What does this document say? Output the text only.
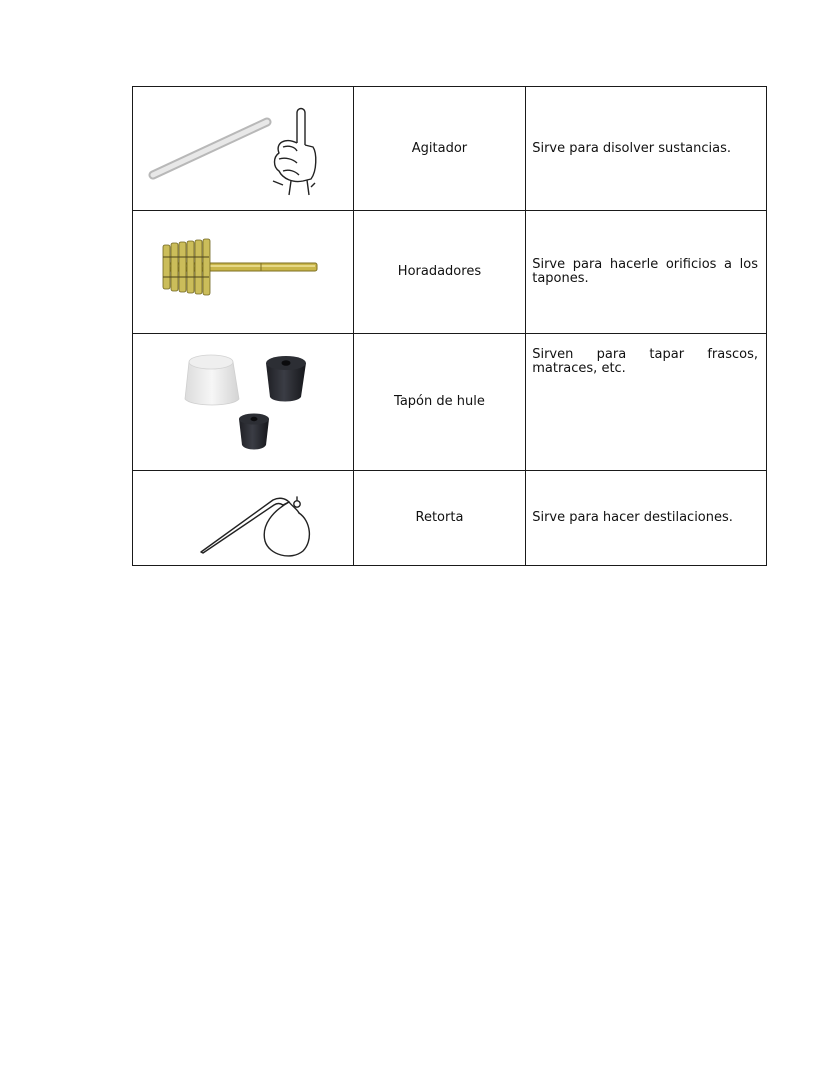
	Agitador	Sirve para disolver sustancias.

	Horadadores	Sirve para hacerle orificios a los tapones.

	Tapón de hule	Sirven para tapar frascos, matraces, etc.

	Retorta	Sirve para hacer destilaciones.
